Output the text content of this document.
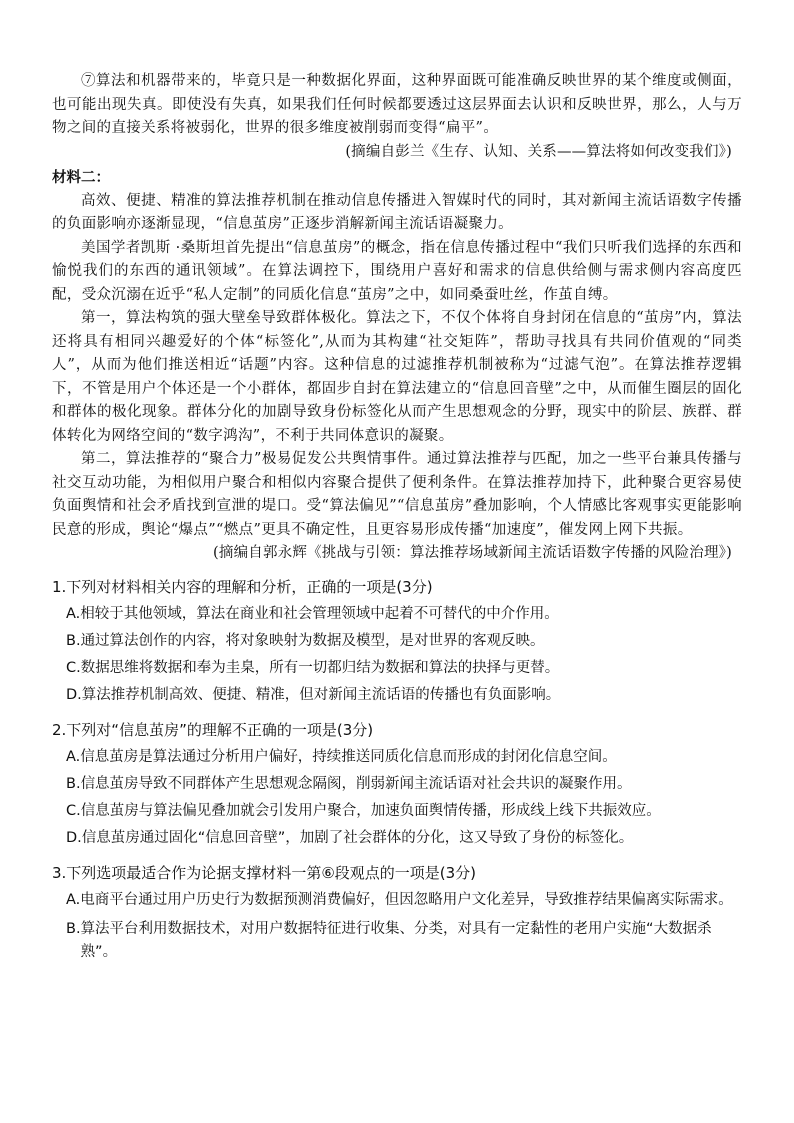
⑦算法和机器带来的，毕竟只是一种数据化界面，这种界面既可能准确反映世界的某个维度或侧面，也可能出现失真。即使没有失真，如果我们任何时候都要透过这层界面去认识和反映世界，那么，人与万物之间的直接关系将被弱化，世界的很多维度被削弱而变得“扁平”。

(摘编自彭兰《生存、认知、关系——算法将如何改变我们》)

材料二：

高效、便捷、精准的算法推荐机制在推动信息传播进入智媒时代的同时，其对新闻主流话语数字传播的负面影响亦逐渐显现，“信息茧房”正逐步消解新闻主流话语凝聚力。

美国学者凯斯 ·桑斯坦首先提出“信息茧房”的概念，指在信息传播过程中“我们只听我们选择的东西和愉悦我们的东西的通讯领域”。在算法调控下，围绕用户喜好和需求的信息供给侧与需求侧内容高度匹配，受众沉溺在近乎“私人定制”的同质化信息“茧房”之中，如同桑蚕吐丝，作茧自缚。

第一，算法构筑的强大壁垒导致群体极化。算法之下，不仅个体将自身封闭在信息的“茧房”内，算法还将具有相同兴趣爱好的个体“标签化”,从而为其构建“社交矩阵”，帮助寻找具有共同价值观的“同类人”，从而为他们推送相近“话题”内容。这种信息的过滤推荐机制被称为“过滤气泡”。在算法推荐逻辑下，不管是用户个体还是一个小群体，都固步自封在算法建立的“信息回音壁”之中，从而催生圈层的固化和群体的极化现象。群体分化的加剧导致身份标签化从而产生思想观念的分野，现实中的阶层、族群、群体转化为网络空间的“数字鸿沟”，不利于共同体意识的凝聚。

第二，算法推荐的“聚合力”极易促发公共舆情事件。通过算法推荐与匹配，加之一些平台兼具传播与社交互动功能，为相似用户聚合和相似内容聚合提供了便利条件。在算法推荐加持下，此种聚合更容易使负面舆情和社会矛盾找到宣泄的堤口。受“算法偏见”“信息茧房”叠加影响，个人情感比客观事实更能影响民意的形成，舆论“爆点”“燃点”更具不确定性，且更容易形成传播“加速度”，催发网上网下共振。

(摘编自郭永辉《挑战与引领：算法推荐场域新闻主流话语数字传播的风险治理》)

1.下列对材料相关内容的理解和分析，正确的一项是(3分)

A. 相较于其他领域，算法在商业和社会管理领域中起着不可替代的中介作用。

B. 通过算法创作的内容，将对象映射为数据及模型，是对世界的客观反映。

C. 数据思维将数据和奉为圭臬，所有一切都归结为数据和算法的抉择与更替。

D. 算法推荐机制高效、便捷、精准，但对新闻主流话语的传播也有负面影响。

2.下列对“信息茧房”的理解不正确的一项是(3分)

A. 信息茧房是算法通过分析用户偏好，持续推送同质化信息而形成的封闭化信息空间。

B. 信息茧房导致不同群体产生思想观念隔阂，削弱新闻主流话语对社会共识的凝聚作用。

C. 信息茧房与算法偏见叠加就会引发用户聚合，加速负面舆情传播，形成线上线下共振效应。

D. 信息茧房通过固化“信息回音壁”，加剧了社会群体的分化，这又导致了身份的标签化。

3.下列选项最适合作为论据支撑材料一第⑥段观点的一项是(3分)

A. 电商平台通过用户历史行为数据预测消费偏好，但因忽略用户文化差异，导致推荐结果偏离实际需求。

B. 算法平台利用数据技术，对用户数据特征进行收集、分类，对具有一定黏性的老用户实施“大数据杀熟”。
